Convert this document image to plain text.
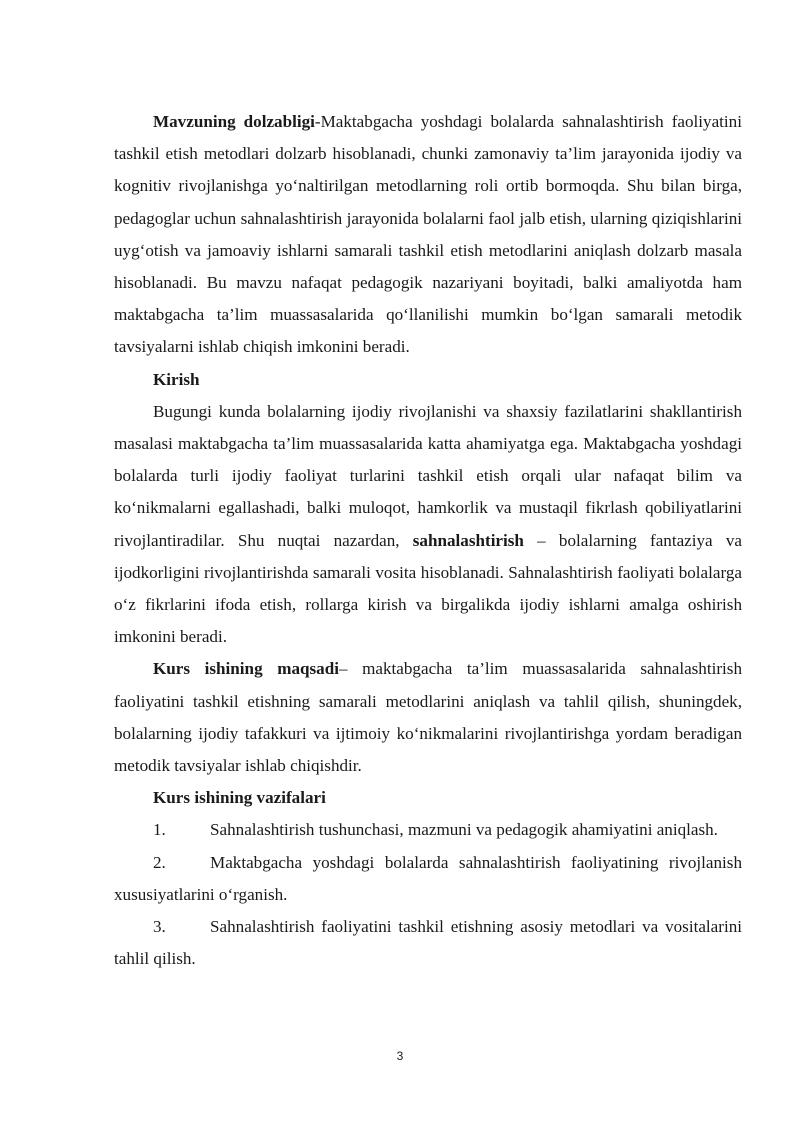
Mavzuning dolzabligi-Maktabgacha yoshdagi bolalarda sahnalashtirish faoliyatini tashkil etish metodlari dolzarb hisoblanadi, chunki zamonaviy ta’lim jarayonida ijodiy va kognitiv rivojlanishga yo‘naltirilgan metodlarning roli ortib bormoqda. Shu bilan birga, pedagoglar uchun sahnalashtirish jarayonida bolalarni faol jalb etish, ularning qiziqishlarini uyg‘otish va jamoaviy ishlarni samarali tashkil etish metodlarini aniqlash dolzarb masala hisoblanadi. Bu mavzu nafaqat pedagogik nazariyani boyitadi, balki amaliyotda ham maktabgacha ta’lim muassasalarida qo‘llanilishi mumkin bo‘lgan samarali metodik tavsiyalarni ishlab chiqish imkonini beradi.

Kirish

Bugungi kunda bolalarning ijodiy rivojlanishi va shaxsiy fazilatlarini shakllantirish masalasi maktabgacha ta’lim muassasalarida katta ahamiyatga ega. Maktabgacha yoshdagi bolalarda turli ijodiy faoliyat turlarini tashkil etish orqali ular nafaqat bilim va ko‘nikmalarni egallashadi, balki muloqot, hamkorlik va mustaqil fikrlash qobiliyatlarini rivojlantiradilar. Shu nuqtai nazardan, sahnalashtirish – bolalarning fantaziya va ijodkorligini rivojlantirishda samarali vosita hisoblanadi. Sahnalashtirish faoliyati bolalarga o‘z fikrlarini ifoda etish, rollarga kirish va birgalikda ijodiy ishlarni amalga oshirish imkonini beradi.

Kurs ishining maqsadi– maktabgacha ta’lim muassasalarida sahnalashtirish faoliyatini tashkil etishning samarali metodlarini aniqlash va tahlil qilish, shuningdek, bolalarning ijodiy tafakkuri va ijtimoiy ko‘nikmalarini rivojlantirishga yordam beradigan metodik tavsiyalar ishlab chiqishdir.

Kurs ishining vazifalari

1.	Sahnalashtirish tushunchasi, mazmuni va pedagogik ahamiyatini aniqlash.

2.	Maktabgacha yoshdagi bolalarda sahnalashtirish faoliyatining rivojlanish xususiyatlarini o‘rganish.

3.	Sahnalashtirish faoliyatini tashkil etishning asosiy metodlari va vositalarini tahlil qilish.

3
